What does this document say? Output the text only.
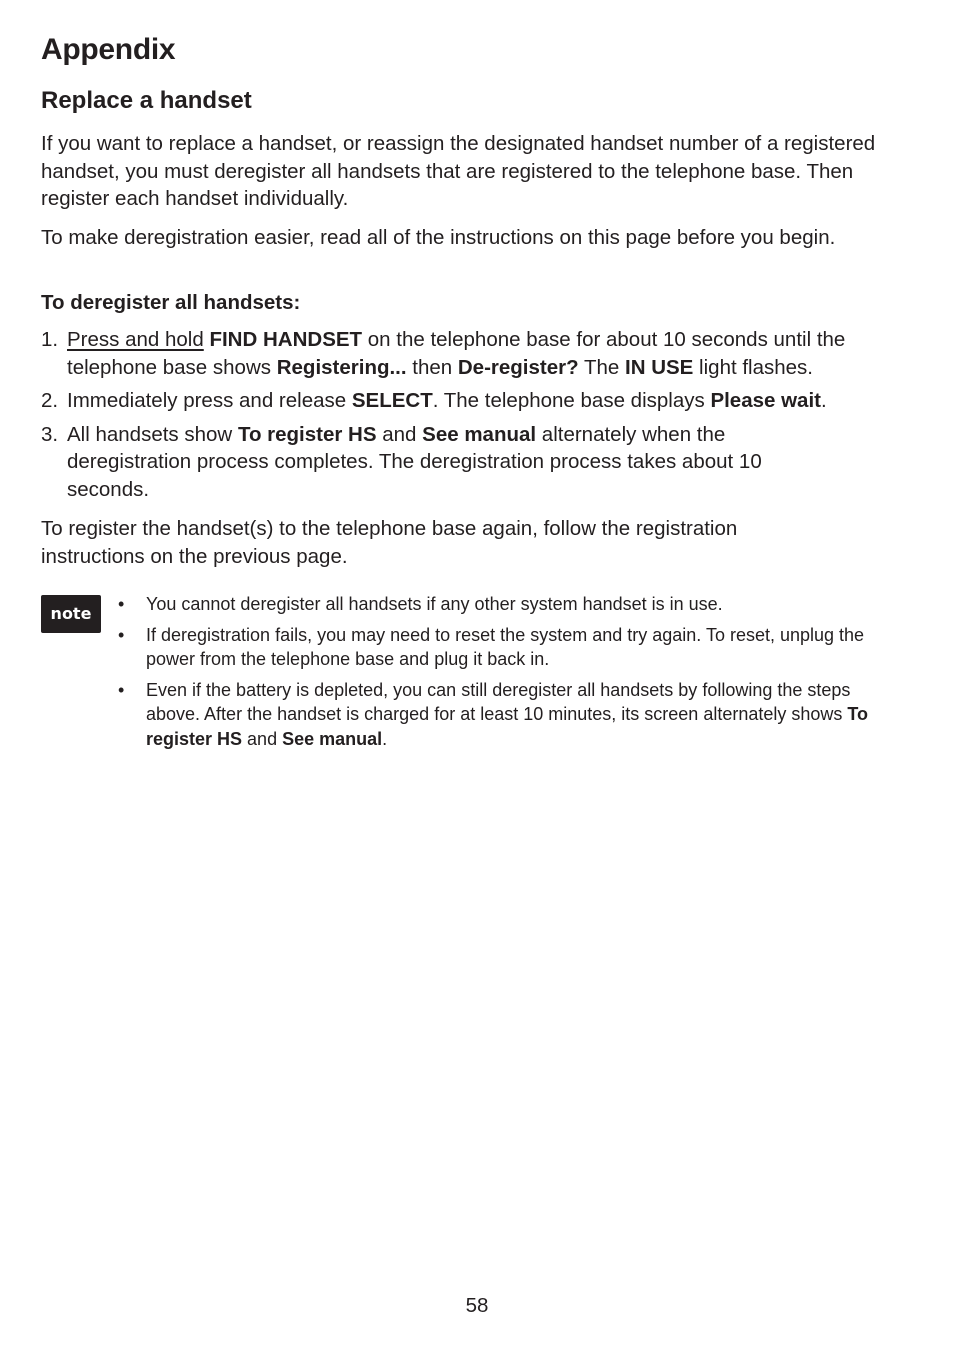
Appendix
Replace a handset

If you want to replace a handset, or reassign the designated handset number of a registered handset, you must deregister all handsets that are registered to the telephone base. Then register each handset individually.

To make deregistration easier, read all of the instructions on this page before you begin.

To deregister all handsets:
1. Press and hold FIND HANDSET on the telephone base for about 10 seconds until the telephone base shows Registering... then De-register? The IN USE light flashes.
2. Immediately press and release SELECT. The telephone base displays Please wait.
3. All handsets show To register HS and See manual alternately when the deregistration process completes. The deregistration process takes about 10 seconds.

To register the handset(s) to the telephone base again, follow the registration instructions on the previous page.

note	• You cannot deregister all handsets if any other system handset is in use.
• If deregistration fails, you may need to reset the system and try again. To reset, unplug the power from the telephone base and plug it back in.
• Even if the battery is depleted, you can still deregister all handsets by following the steps above. After the handset is charged for at least 10 minutes, its screen alternately shows To register HS and See manual.
58
